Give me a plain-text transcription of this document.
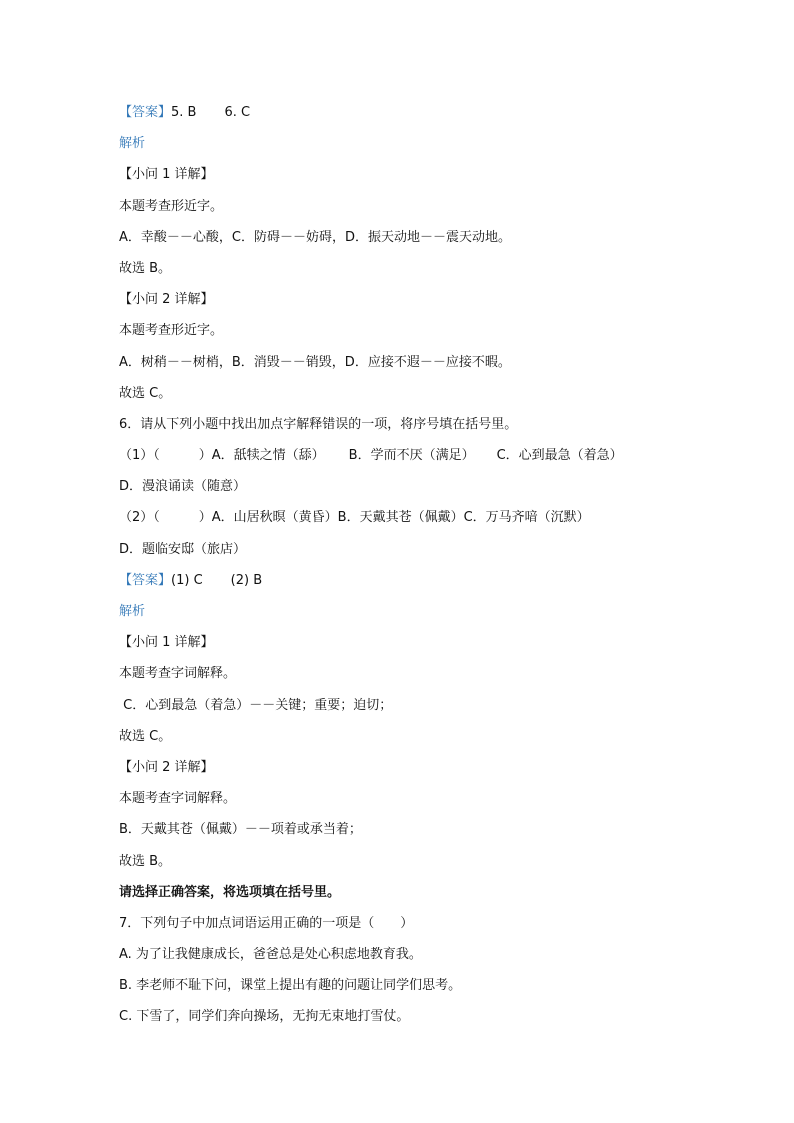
【答案】5. B 6. C
解析
【小问 1 详解】
本题考查形近字。
A．幸酸－－心酸，C．防碍－－妨碍，D．振天动地－－震天动地。
故选 B。
【小问 2 详解】
本题考查形近字。
A．树稍－－树梢，B．消毁－－销毁，D．应接不遐－－应接不暇。
故选 C。
6．请从下列小题中找出加点字解释错误的一项，将序号填在括号里。
（1）（　　　）A．舐犊之情（舔） B．学而不厌（满足） C．心到最急（着急）
D．漫浪诵读（随意）
（2）（　　　）A．山居秋暝（黄昏）B．天戴其苍（佩戴）C．万马齐喑（沉默）
D．题临安邸（旅店）
【答案】(1) C (2) B
解析
【小问 1 详解】
本题考查字词解释。
C．心到最急（着急）－－关键；重要；迫切；
故选 C。
【小问 2 详解】
本题考查字词解释。
B．天戴其苍（佩戴）－－项着或承当着；
故选 B。
请选择正确答案，将选项填在括号里。
7．下列句子中加点词语运用正确的一项是（　　）
A. 为了让我健康成长，爸爸总是处心积虑地教育我。
B. 李老师不耻下问，课堂上提出有趣的问题让同学们思考。
C. 下雪了，同学们奔向操场，无拘无束地打雪仗。
